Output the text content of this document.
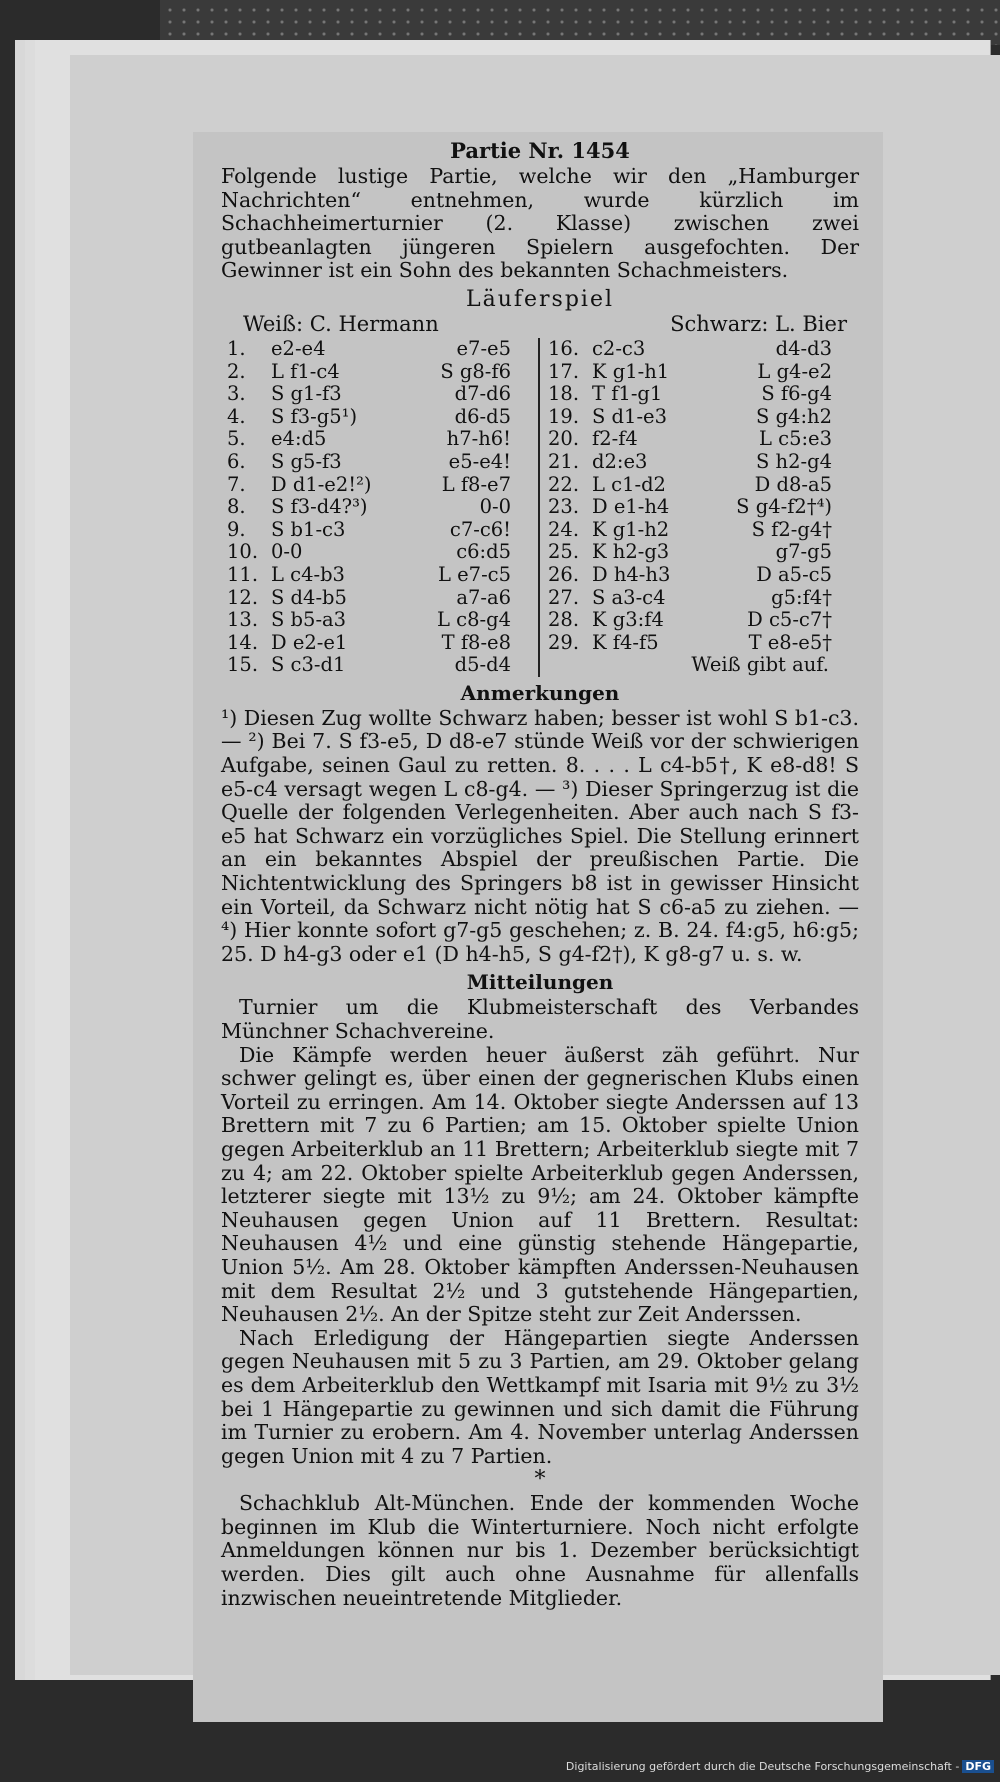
Partie Nr. 1454

Folgende lustige Partie, welche wir den „Hamburger Nachrichten“ entnehmen, wurde kürzlich im Schachheimerturnier (2. Klasse) zwischen zwei gutbeanlagten jüngeren Spielern ausgefochten. Der Gewinner ist ein Sohn des bekannten Schachmeisters.

Läuferspiel
Weiß: C. Hermann	Schwarz: L. Bier
1.	e2-e4	e7-e5
2.	L f1-c4	S g8-f6
3.	S g1-f3	d7-d6
4.	S f3-g5¹)	d6-d5
5.	e4:d5	h7-h6!
6.	S g5-f3	e5-e4!
7.	D d1-e2!²)	L f8-e7
8.	S f3-d4?³)	0-0
9.	S b1-c3	c7-c6!
10. 0-0	c6:d5
11. L c4-b3	L e7-c5
12. S d4-b5	a7-a6
13. S b5-a3	L c8-g4
14. D e2-e1	T f8-e8
15. S c3-d1	d5-d4
16. c2-c3	d4-d3
17. K g1-h1	L g4-e2
18. T f1-g1	S f6-g4
19. S d1-e3	S g4:h2
20. f2-f4	L c5:e3
21. d2:e3	S h2-g4
22. L c1-d2	D d8-a5
23. D e1-h4	S g4-f2†⁴)
24. K g1-h2	S f2-g4†
25. K h2-g3	g7-g5
26. D h4-h3	D a5-c5
27. S a3-c4	g5:f4†
28. K g3:f4	D c5-c7†
29. K f4-f5	T e8-e5†
Weiß gibt auf.
Anmerkungen

¹) Diesen Zug wollte Schwarz haben; besser ist wohl S b1-c3. — ²) Bei 7. S f3-e5, D d8-e7 stünde Weiß vor der schwierigen Aufgabe, seinen Gaul zu retten. 8. . . . L c4-b5†, K e8-d8! S e5-c4 versagt wegen L c8-g4. — ³) Dieser Springerzug ist die Quelle der folgenden Verlegenheiten. Aber auch nach S f3-e5 hat Schwarz ein vorzügliches Spiel. Die Stellung erinnert an ein bekanntes Abspiel der preußischen Partie. Die Nichtentwicklung des Springers b8 ist in gewisser Hinsicht ein Vorteil, da Schwarz nicht nötig hat S c6-a5 zu ziehen. — ⁴) Hier konnte sofort g7-g5 geschehen; z. B. 24. f4:g5, h6:g5; 25. D h4-g3 oder e1 (D h4-h5, S g4-f2†), K g8-g7 u. s. w.

Mitteilungen

Turnier um die Klubmeisterschaft des Verbandes Münchner Schachvereine.

Die Kämpfe werden heuer äußerst zäh geführt. Nur schwer gelingt es, über einen der gegnerischen Klubs einen Vorteil zu erringen. Am 14. Oktober siegte Anderssen auf 13 Brettern mit 7 zu 6 Partien; am 15. Oktober spielte Union gegen Arbeiterklub an 11 Brettern; Arbeiterklub siegte mit 7 zu 4; am 22. Oktober spielte Arbeiterklub gegen Anderssen, letzterer siegte mit 13½ zu 9½; am 24. Oktober kämpfte Neuhausen gegen Union auf 11 Brettern. Resultat: Neuhausen 4½ und eine günstig stehende Hängepartie, Union 5½. Am 28. Oktober kämpften Anderssen-Neuhausen mit dem Resultat 2½ und 3 gutstehende Hängepartien, Neuhausen 2½. An der Spitze steht zur Zeit Anderssen.

Nach Erledigung der Hängepartien siegte Anderssen gegen Neuhausen mit 5 zu 3 Partien, am 29. Oktober gelang es dem Arbeiterklub den Wettkampf mit Isaria mit 9½ zu 3½ bei 1 Hängepartie zu gewinnen und sich damit die Führung im Turnier zu erobern. Am 4. November unterlag Anderssen gegen Union mit 4 zu 7 Partien.

*

Schachklub Alt-München. Ende der kommenden Woche beginnen im Klub die Winterturniere. Noch nicht erfolgte Anmeldungen können nur bis 1. Dezember berücksichtigt werden. Dies gilt auch ohne Ausnahme für allenfalls inzwischen neueintretende Mitglieder.

Digitalisierung gefördert durch die Deutsche Forschungsgemeinschaft - DFG
